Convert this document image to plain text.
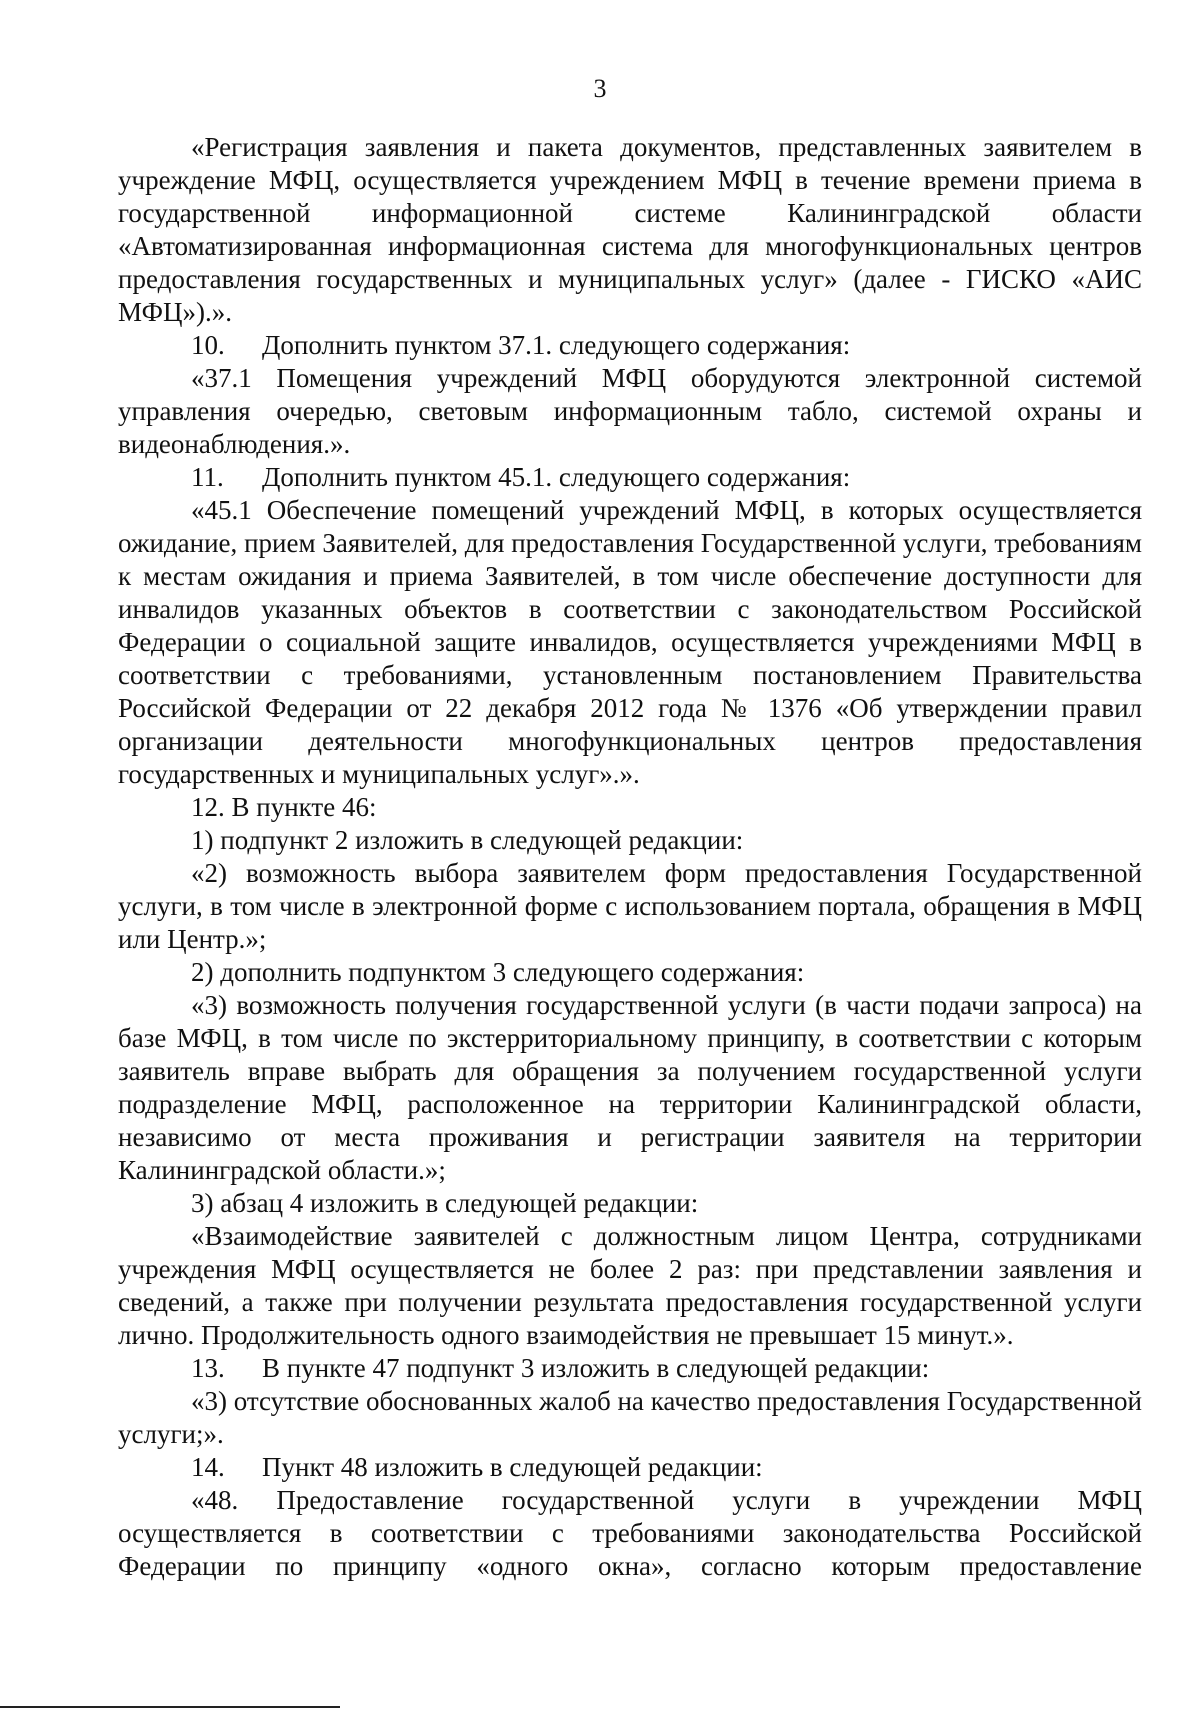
3

«Регистрация заявления и пакета документов, представленных заявителем в учреждение МФЦ, осуществляется учреждением МФЦ в течение времени приема в государственной информационной системе Калининградской области «Автоматизированная информационная система для многофункциональных центров предоставления государственных и муниципальных услуг» (далее - ГИСКО «АИС МФЦ»).».

10. Дополнить пунктом 37.1. следующего содержания:

«37.1 Помещения учреждений МФЦ оборудуются электронной системой управления очередью, световым информационным табло, системой охраны и видеонаблюдения.».

11. Дополнить пунктом 45.1. следующего содержания:

«45.1 Обеспечение помещений учреждений МФЦ, в которых осуществляется ожидание, прием Заявителей, для предоставления Государственной услуги, требованиям к местам ожидания и приема Заявителей, в том числе обеспечение доступности для инвалидов указанных объектов в соответствии с законодательством Российской Федерации о социальной защите инвалидов, осуществляется учреждениями МФЦ в соответствии с требованиями, установленным постановлением Правительства Российской Федерации от 22 декабря 2012 года № 1376 «Об утверждении правил организации деятельности многофункциональных центров предоставления государственных и муниципальных услуг».».

12. В пункте 46:

1) подпункт 2 изложить в следующей редакции:

«2) возможность выбора заявителем форм предоставления Государственной услуги, в том числе в электронной форме с использованием портала, обращения в МФЦ или Центр.»;

2) дополнить подпунктом 3 следующего содержания:

«3) возможность получения государственной услуги (в части подачи запроса) на базе МФЦ, в том числе по экстерриториальному принципу, в соответствии с которым заявитель вправе выбрать для обращения за получением государственной услуги подразделение МФЦ, расположенное на территории Калининградской области, независимо от места проживания и регистрации заявителя на территории Калининградской области.»;

3) абзац 4 изложить в следующей редакции:

«Взаимодействие заявителей с должностным лицом Центра, сотрудниками учреждения МФЦ осуществляется не более 2 раз: при представлении заявления и сведений, а также при получении результата предоставления государственной услуги лично. Продолжительность одного взаимодействия не превышает 15 минут.».

13. В пункте 47 подпункт 3 изложить в следующей редакции:

«3) отсутствие обоснованных жалоб на качество предоставления Государственной услуги;».

14. Пункт 48 изложить в следующей редакции:

«48. Предоставление государственной услуги в учреждении МФЦ осуществляется в соответствии с требованиями законодательства Российской Федерации по принципу «одного окна», согласно которым предоставление
